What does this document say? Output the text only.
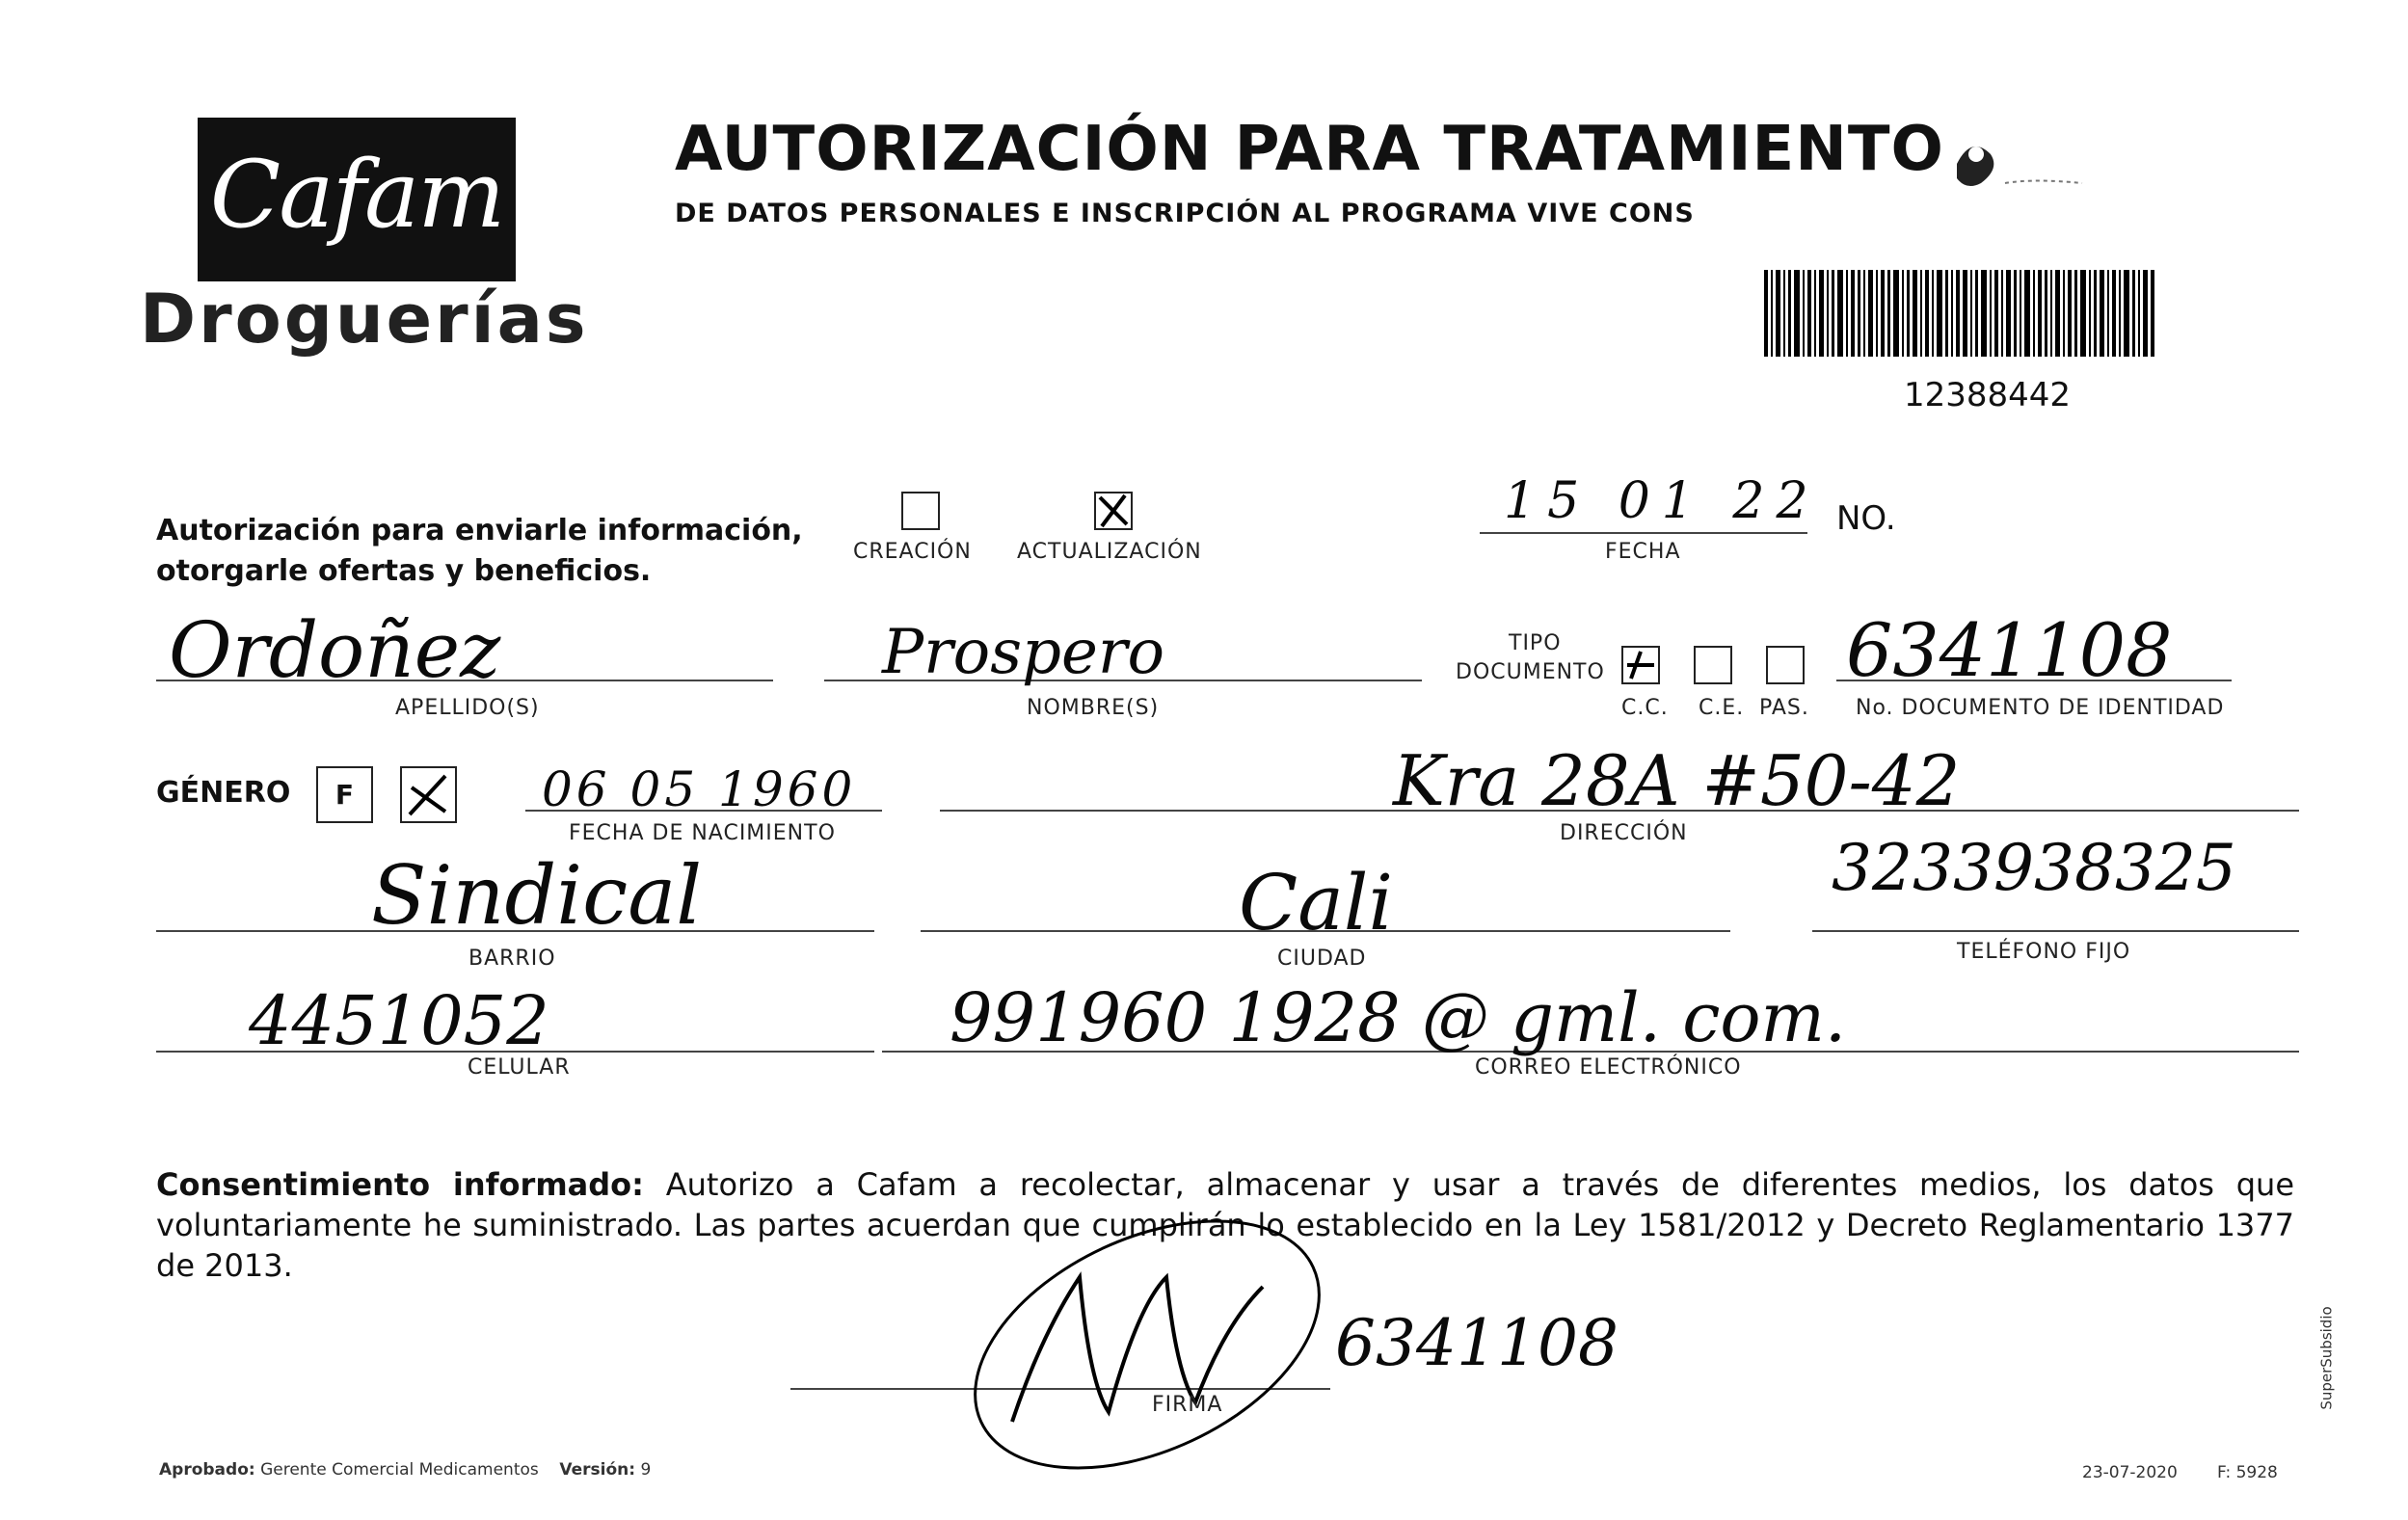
Cafam
Droguerías
AUTORIZACIÓN PARA TRATAMIENTO
DE DATOS PERSONALES E INSCRIPCIÓN AL PROGRAMA VIVE CONS
12388442
Autorización para enviarle información,
otorgarle ofertas y beneficios.
CREACIÓN ACTUALIZACIÓN
15 01 22
FECHA
NO.
Ordoñez
APELLIDO(S)
Prospero
NOMBRE(S)
TIPO
DOCUMENTO
C.C. C.E. PAS.
6341108
No. DOCUMENTO DE IDENTIDAD
GÉNERO	F	06 05 1960
FECHA DE NACIMIENTO
Kra 28A #50-42
DIRECCIÓN
Sindical
BARRIO
Cali
CIUDAD
3233938325
TELÉFONO FIJO
4451052
CELULAR
991960 1928 @ gml. com.
CORREO ELECTRÓNICO
Consentimiento informado: Autorizo a Cafam a recolectar, almacenar y usar a través de diferentes medios, los datos que voluntariamente he suministrado. Las partes acuerdan que cumplirán lo establecido en la Ley 1581/2012 y Decreto Reglamentario 1377 de 2013.
FIRMA
6341108
Aprobado: Gerente Comercial Medicamentos Versión: 9	23-07-2020 F: 5928
SuperSubsidio
